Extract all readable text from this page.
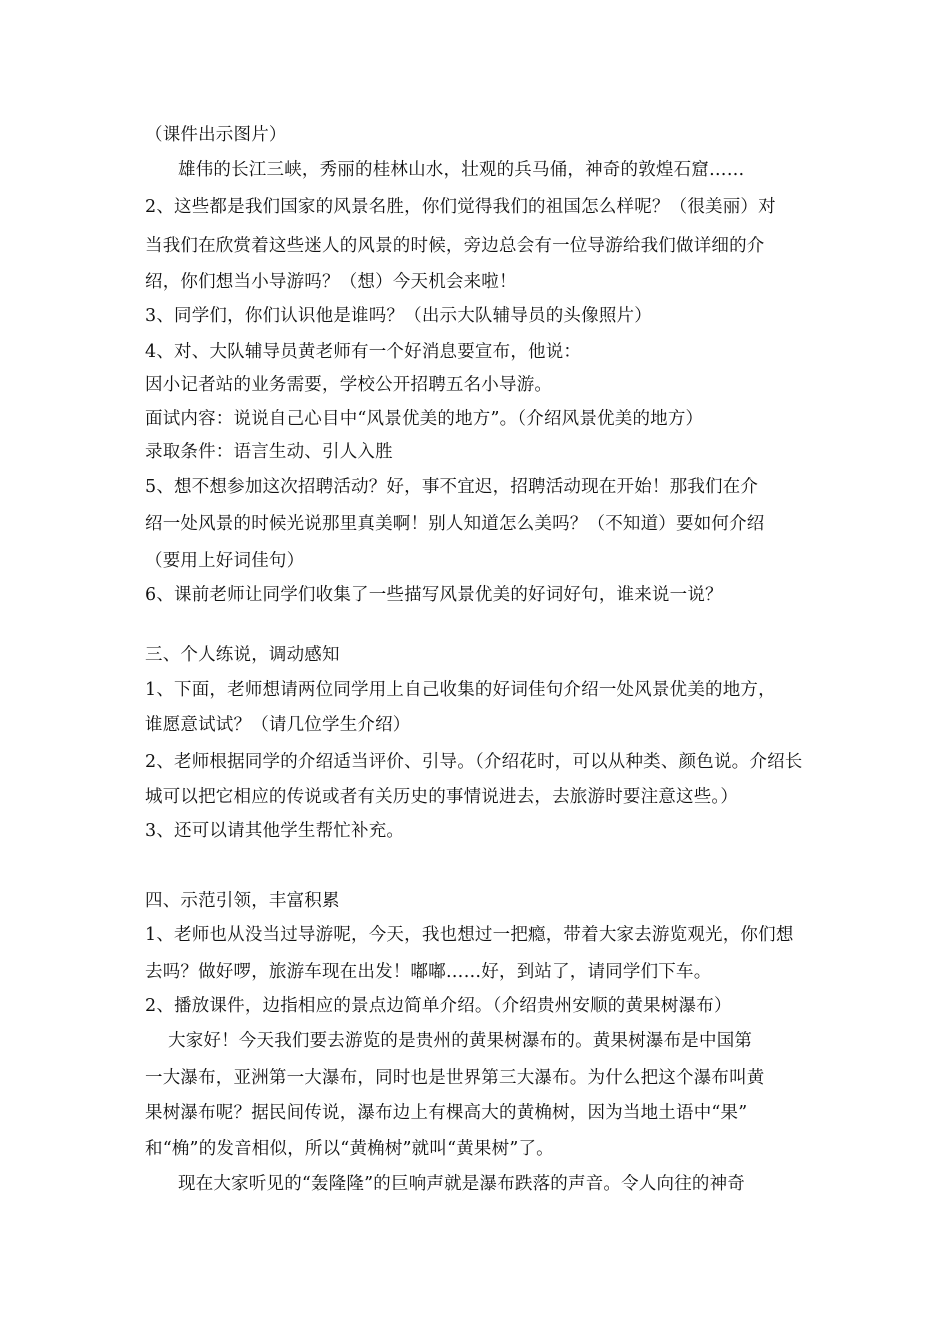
（课件出示图片）
雄伟的长江三峡，秀丽的桂林山水，壮观的兵马俑，神奇的敦煌石窟……
2、这些都是我们国家的风景名胜，你们觉得我们的祖国怎么样呢？（很美丽）对
当我们在欣赏着这些迷人的风景的时候，旁边总会有一位导游给我们做详细的介
绍，你们想当小导游吗？（想）今天机会来啦！
3、同学们，你们认识他是谁吗？（出示大队辅导员的头像照片）
4、对、大队辅导员黄老师有一个好消息要宣布，他说：
因小记者站的业务需要，学校公开招聘五名小导游。
面试内容：说说自己心目中“风景优美的地方”。（介绍风景优美的地方）
录取条件：语言生动、引人入胜
5、想不想参加这次招聘活动？好，事不宜迟，招聘活动现在开始！那我们在介
绍一处风景的时候光说那里真美啊！别人知道怎么美吗？（不知道）要如何介绍
（要用上好词佳句）
6、课前老师让同学们收集了一些描写风景优美的好词好句，谁来说一说？
三、个人练说，调动感知
1、下面，老师想请两位同学用上自己收集的好词佳句介绍一处风景优美的地方，
谁愿意试试？（请几位学生介绍）
2、老师根据同学的介绍适当评价、引导。（介绍花时，可以从种类、颜色说。介绍长
城可以把它相应的传说或者有关历史的事情说进去，去旅游时要注意这些。）
3、还可以请其他学生帮忙补充。
四、示范引领，丰富积累
1、老师也从没当过导游呢，今天，我也想过一把瘾，带着大家去游览观光，你们想
去吗？做好啰，旅游车现在出发！嘟嘟……好，到站了，请同学们下车。
2、播放课件，边指相应的景点边简单介绍。（介绍贵州安顺的黄果树瀑布）
大家好！今天我们要去游览的是贵州的黄果树瀑布的。黄果树瀑布是中国第
一大瀑布，亚洲第一大瀑布，同时也是世界第三大瀑布。为什么把这个瀑布叫黄
果树瀑布呢？据民间传说，瀑布边上有棵高大的黄桷树，因为当地土语中“果”
和“桷”的发音相似，所以“黄桷树”就叫“黄果树”了。
现在大家听见的“轰隆隆”的巨响声就是瀑布跌落的声音。令人向往的神奇
